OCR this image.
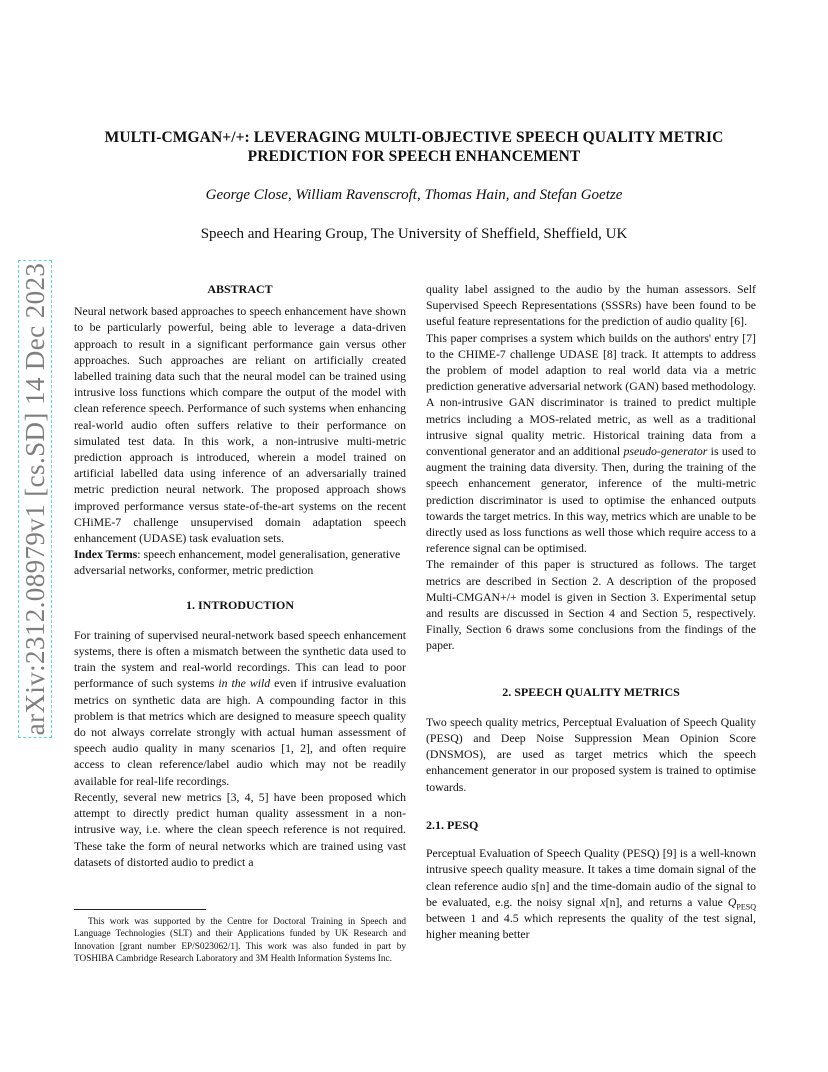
MULTI-CMGAN+/+: LEVERAGING MULTI-OBJECTIVE SPEECH QUALITY METRIC
PREDICTION FOR SPEECH ENHANCEMENT
George Close, William Ravenscroft, Thomas Hain, and Stefan Goetze
Speech and Hearing Group, The University of Sheffield, Sheffield, UK
arXiv:2312.08979v1 [cs.SD] 14 Dec 2023	ABSTRACT

Neural network based approaches to speech enhancement have shown to be particularly powerful, being able to leverage a data-driven approach to result in a significant performance gain versus other approaches. Such approaches are reliant on artificially created labelled training data such that the neural model can be trained using intrusive loss functions which compare the output of the model with clean reference speech. Performance of such systems when enhancing real-world audio often suffers relative to their performance on simulated test data. In this work, a non-intrusive multi-metric prediction approach is introduced, wherein a model trained on artificial labelled data using inference of an adversarially trained metric prediction neural network. The proposed approach shows improved performance versus state-of-the-art systems on the recent CHiME-7 challenge unsupervised domain adaptation speech enhancement (UDASE) task evaluation sets.

Index Terms: speech enhancement, model generalisation, generative adversarial networks, conformer, metric prediction

1. INTRODUCTION

For training of supervised neural-network based speech enhancement systems, there is often a mismatch between the synthetic data used to train the system and real-world recordings. This can lead to poor performance of such systems in the wild even if intrusive evaluation metrics on synthetic data are high. A compounding factor in this problem is that metrics which are designed to measure speech quality do not always correlate strongly with actual human assessment of speech audio quality in many scenarios [1, 2], and often require access to clean reference/label audio which may not be readily available for real-life recordings.

Recently, several new metrics [3, 4, 5] have been proposed which attempt to directly predict human quality assessment in a non-intrusive way, i.e. where the clean speech reference is not required. These take the form of neural networks which are trained using vast datasets of distorted audio to predict a

This work was supported by the Centre for Doctoral Training in Speech and Language Technologies (SLT) and their Applications funded by UK Research and Innovation [grant number EP/S023062/1]. This work was also funded in part by TOSHIBA Cambridge Research Laboratory and 3M Health Information Systems Inc.

quality label assigned to the audio by the human assessors. Self Supervised Speech Representations (SSSRs) have been found to be useful feature representations for the prediction of audio quality [6].

This paper comprises a system which builds on the authors' entry [7] to the CHIME-7 challenge UDASE [8] track. It attempts to address the problem of model adaption to real world data via a metric prediction generative adversarial network (GAN) based methodology. A non-intrusive GAN discriminator is trained to predict multiple metrics including a MOS-related metric, as well as a traditional intrusive signal quality metric. Historical training data from a conventional generator and an additional pseudo-generator is used to augment the training data diversity. Then, during the training of the speech enhancement generator, inference of the multi-metric prediction discriminator is used to optimise the enhanced outputs towards the target metrics. In this way, metrics which are unable to be directly used as loss functions as well those which require access to a reference signal can be optimised.

The remainder of this paper is structured as follows. The target metrics are described in Section 2. A description of the proposed Multi-CMGAN+/+ model is given in Section 3. Experimental setup and results are discussed in Section 4 and Section 5, respectively. Finally, Section 6 draws some conclusions from the findings of the paper.

2. SPEECH QUALITY METRICS

Two speech quality metrics, Perceptual Evaluation of Speech Quality (PESQ) and Deep Noise Suppression Mean Opinion Score (DNSMOS), are used as target metrics which the speech enhancement generator in our proposed system is trained to optimise towards.

2.1. PESQ

Perceptual Evaluation of Speech Quality (PESQ) [9] is a well-known intrusive speech quality measure. It takes a time domain signal of the clean reference audio s[n] and the time-domain audio of the signal to be evaluated, e.g. the noisy signal x[n], and returns a value $Q_{PESQ}$ between 1 and 4.5 which represents the quality of the test signal, higher meaning better
